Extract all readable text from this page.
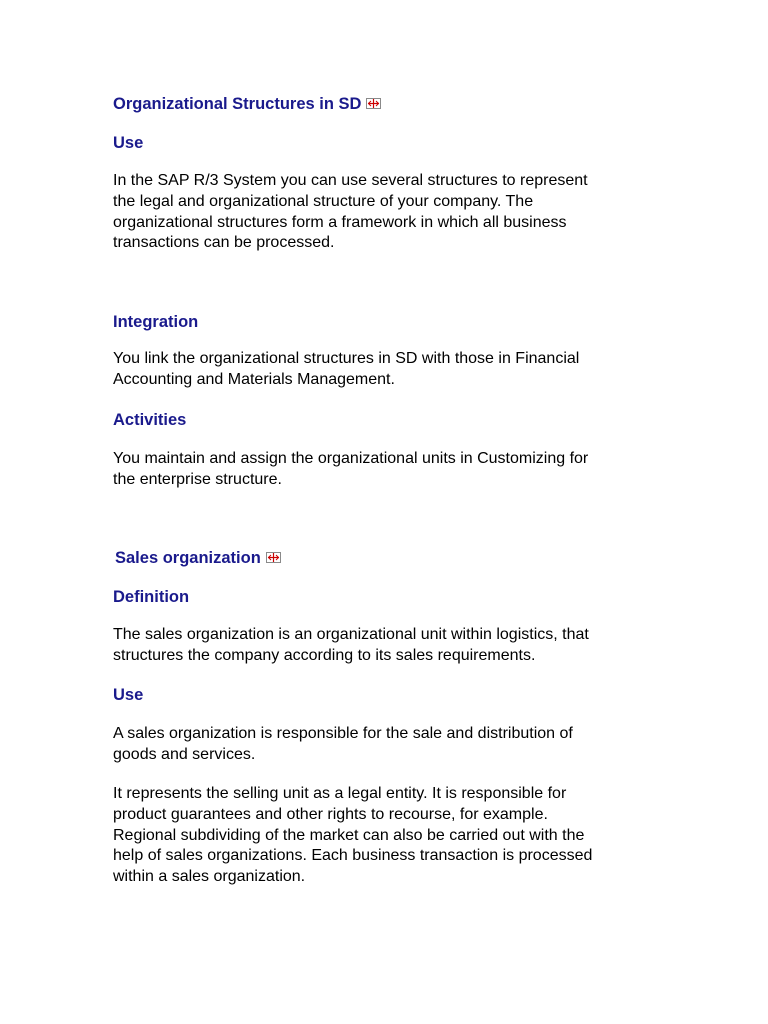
Organizational Structures in SD
Use

In the SAP R/3 System you can use several structures to represent
the legal and organizational structure of your company. The
organizational structures form a framework in which all business
transactions can be processed.

Integration

You link the organizational structures in SD with those in Financial
Accounting and Materials Management.

Activities

You maintain and assign the organizational units in Customizing for
the enterprise structure.

Sales organization
Definition

The sales organization is an organizational unit within logistics, that
structures the company according to its sales requirements.

Use

A sales organization is responsible for the sale and distribution of
goods and services.

It represents the selling unit as a legal entity. It is responsible for
product guarantees and other rights to recourse, for example.
Regional subdividing of the market can also be carried out with the
help of sales organizations. Each business transaction is processed
within a sales organization.
